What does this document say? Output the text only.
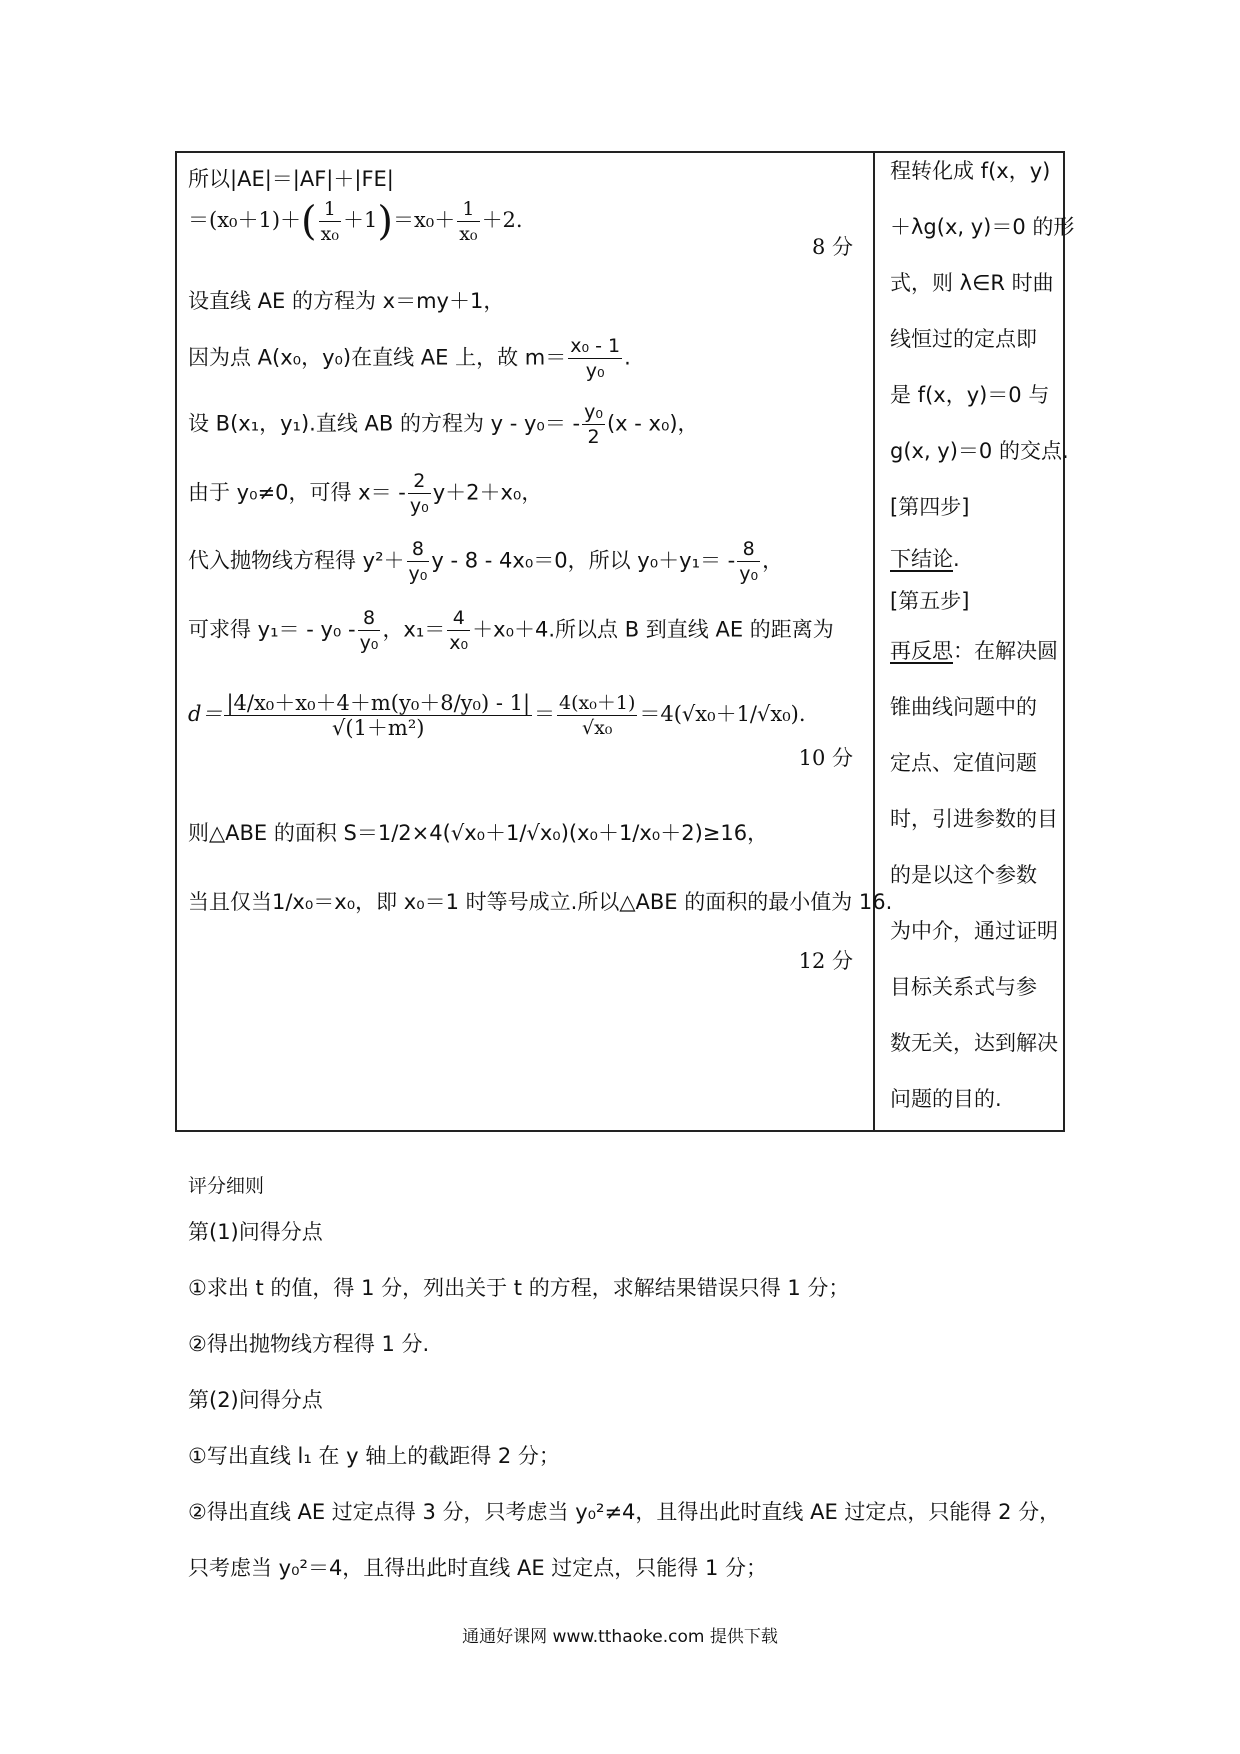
所以|AE|＝|AF|＋|FE|
$=(x_0+1)+( \frac{1}{\text{x₀}} +1)=x_0+ \frac{1}{\text{x₀}} +2$.
8 分
设直线 AE 的方程为 x＝my＋1，
因为点 A(x₀，y₀)在直线 AE 上，故 $m= \frac{\text{x₀ - 1}}{\text{y₀}}$ .
设 B(x₁，y₁).直线 AB 的方程为 $y - y_0= - \frac{\text{y₀}}{2} (x - x_0)$，
由于 y₀≠0，可得 $x= - \frac{2}{\text{y₀}} y+2+x_0$，
代入抛物线方程得 $y^2+ \frac{8}{\text{y₀}}$ y - 8 - 4x₀＝0，所以 $y_0+y_1= - \frac{8}{\text{y₀}}$ ，
可求得 $y_1= - y_0 - \frac{8}{\text{y₀}}$ ，$x_1= \frac{4}{\text{x₀}} +x_0+4$.所以点 B 到直线 AE 的距离为
$d= \frac{\text{|4/x₀＋x₀＋4＋m(y₀＋8/y₀) - 1|}}{\text{√(1＋m²)}} = \frac{\text{4(x₀＋1)}}{\text{√x₀}} =4(√x_0+1/√x_0)$.
10 分
则△ABE 的面积 S＝1/2×4(√x₀＋1/√x₀)(x₀＋1/x₀＋2)≥16，
当且仅当1/x₀＝x₀，即 x₀＝1 时等号成立.所以△ABE 的面积的最小值为 16.
12 分
程转化成 f(x，y)
＋λg(x, y)＝0 的形
式，则 λ∈R 时曲
线恒过的定点即
是 f(x，y)＝0 与
g(x, y)＝0 的交点.
[第四步]
下结论.
[第五步]
再反思：在解决圆
锥曲线问题中的
定点、定值问题
时，引进参数的目
的是以这个参数
为中介，通过证明
目标关系式与参
数无关，达到解决
问题的目的.
评分细则
第(1)问得分点
①求出 t 的值，得 1 分，列出关于 t 的方程，求解结果错误只得 1 分；
②得出抛物线方程得 1 分.
第(2)问得分点
①写出直线 l₁ 在 y 轴上的截距得 2 分；
②得出直线 AE 过定点得 3 分，只考虑当 y₀²≠4，且得出此时直线 AE 过定点，只能得 2 分，
只考虑当 y₀²＝4，且得出此时直线 AE 过定点，只能得 1 分；
通通好课网 www.tthaoke.com 提供下载
